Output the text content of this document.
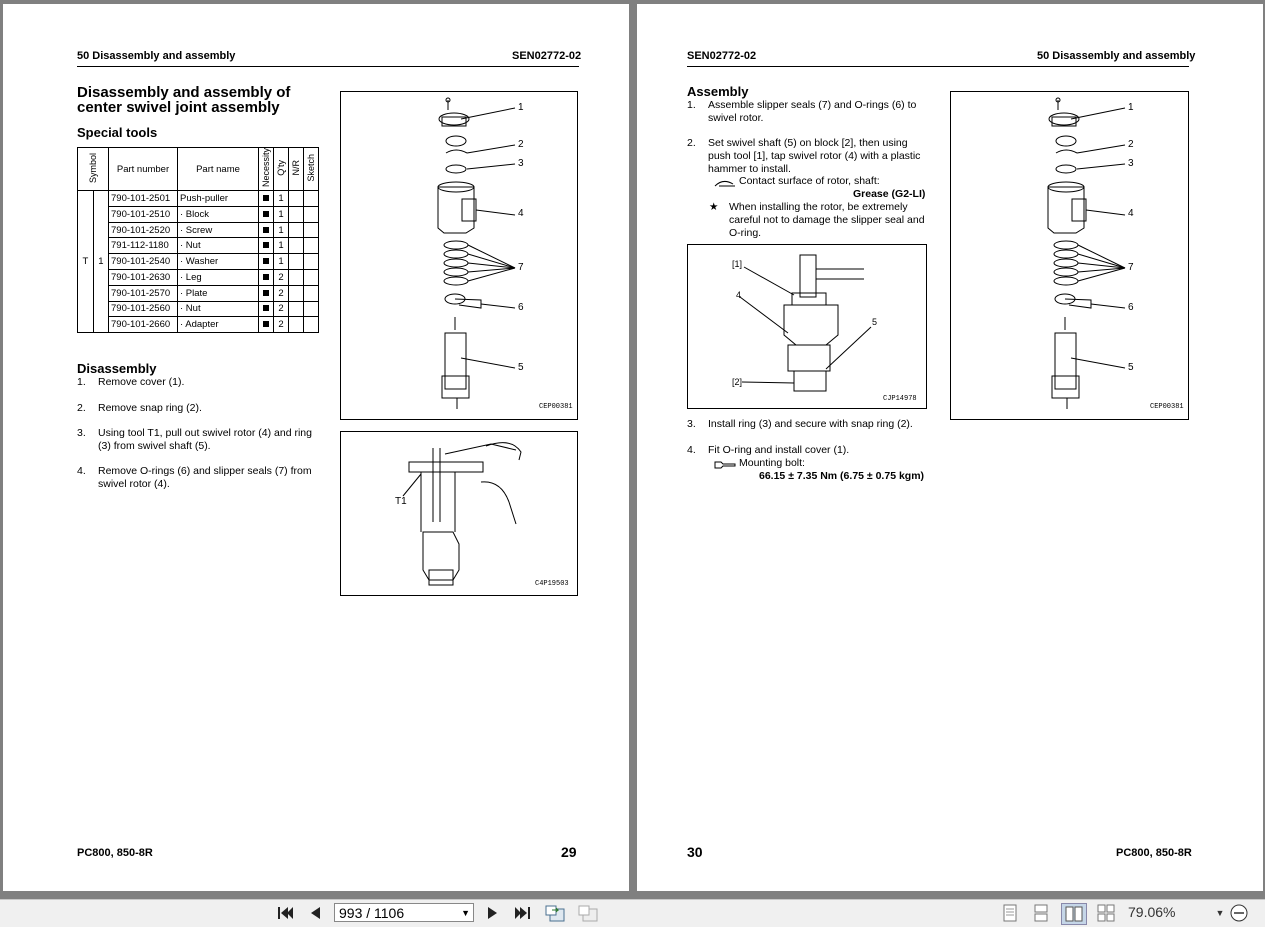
50 Disassembly and assembly	SEN02772-02
Disassembly and assembly of
center swivel joint assembly
Special tools
Symbol		Part number	Part name	Necessity	Q'ty	N/R	Sketch
T	1	790-101-2501	Push-puller		1		
		790-101-2510	· Block		1		
		790-101-2520	· Screw		1		
		791-112-1180	· Nut		1		
		790-101-2540	· Washer		1		
		790-101-2630	· Leg		2		
		790-101-2570	· Plate		2		
		790-101-2560	· Nut		2		
		790-101-2660	· Adapter		2		
Disassembly
1. Remove cover (1).
2. Remove snap ring (2).
3. Using tool T1, pull out swivel rotor (4) and ring
(3) from swivel shaft (5).
4. Remove O-rings (6) and slipper seals (7) from
swivel rotor (4).
1
2
3
4
7
6
5
CEP00381
T1
C4P19503
PC800, 850-8R	29
SEN02772-02	50 Disassembly and assembly
Assembly
1. Assemble slipper seals (7) and O-rings (6) to
swivel rotor.
2. Set swivel shaft (5) on block [2], then using
push tool [1], tap swivel rotor (4) with a plastic
hammer to install.
Contact surface of rotor, shaft:
Grease (G2-LI)
★ When installing the rotor, be extremely
careful not to damage the slipper seal and
O-ring.
[1]
4
5
[2]
CJP14978
3. Install ring (3) and secure with snap ring (2).
4. Fit O-ring and install cover (1).
Mounting bolt:
66.15 ± 7.35 Nm (6.75 ± 0.75 kgm)
1
2
3
4
7
6
5
CEP00381
30	PC800, 850-8R
993 / 1106	▼	79.06%	▼
